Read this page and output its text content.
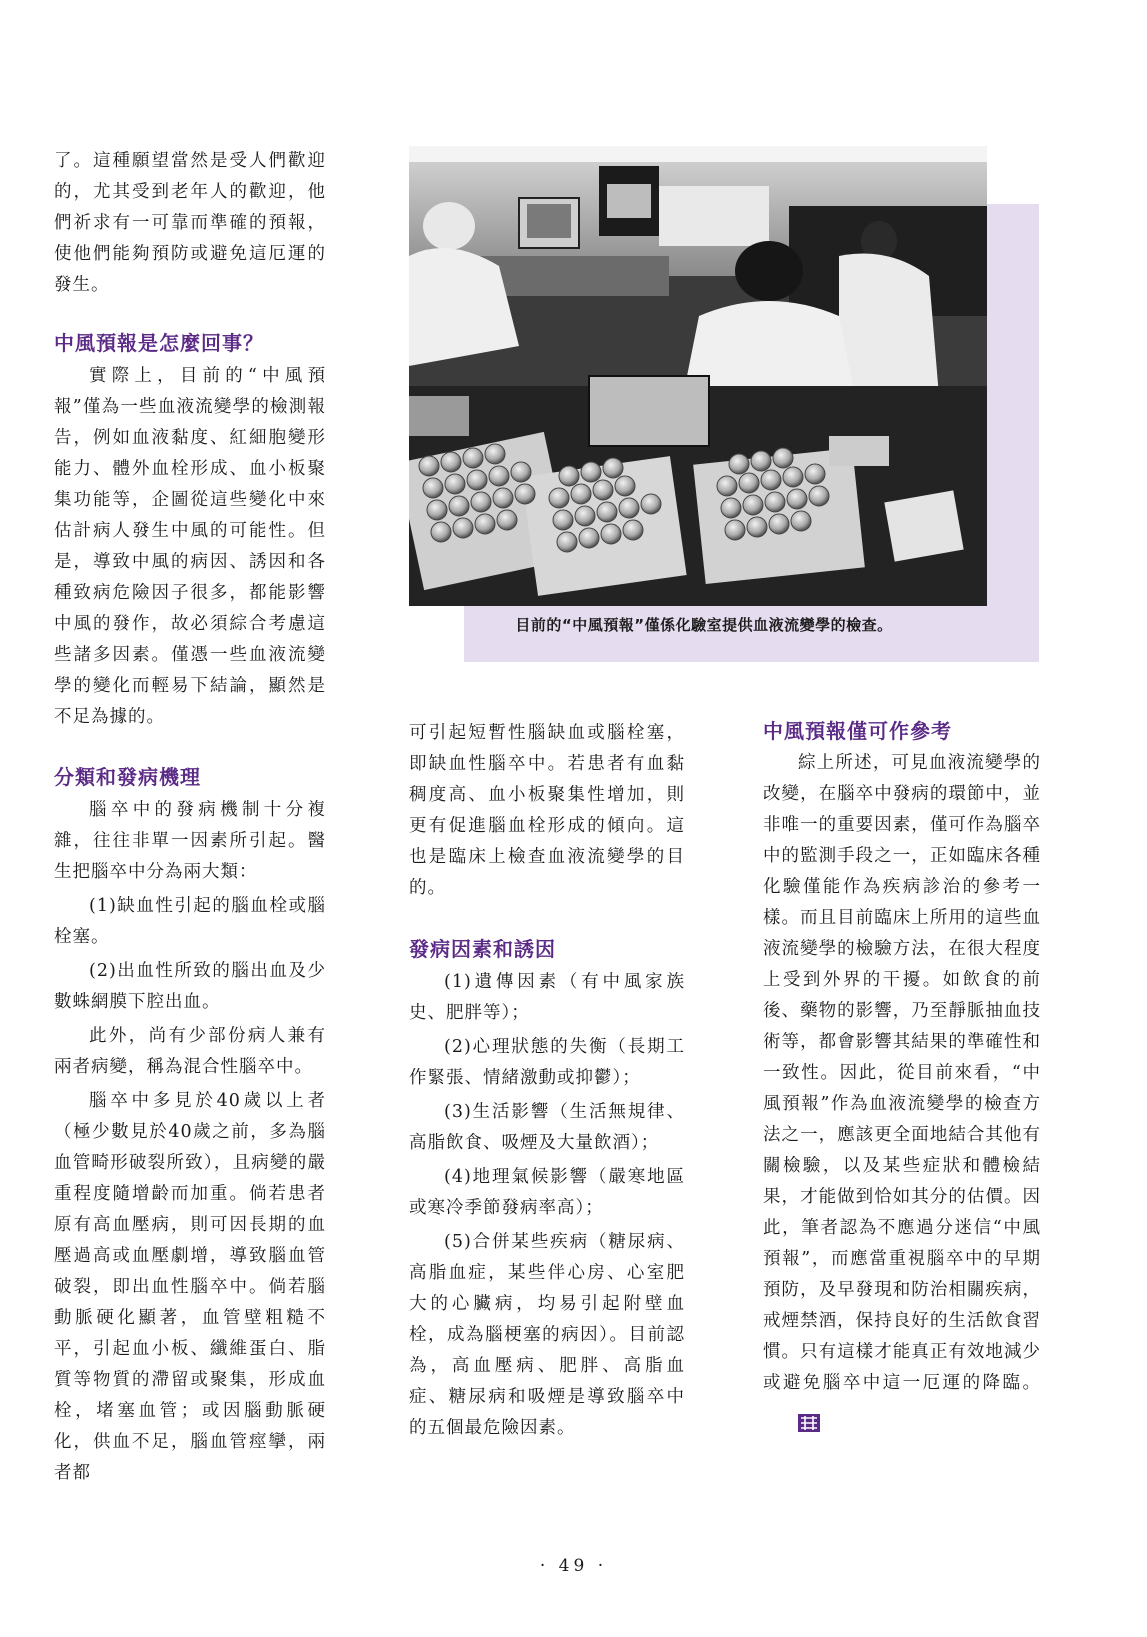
了。這種願望當然是受人們歡迎的，尤其受到老年人的歡迎，他們祈求有一可靠而準確的預報，使他們能夠預防或避免這厄運的發生。

中風預報是怎麼回事？

實際上，目前的“中風預報”僅為一些血液流變學的檢測報告，例如血液黏度、紅細胞變形能力、體外血栓形成、血小板聚集功能等，企圖從這些變化中來估計病人發生中風的可能性。但是，導致中風的病因、誘因和各種致病危險因子很多，都能影響中風的發作，故必須綜合考慮這些諸多因素。僅憑一些血液流變學的變化而輕易下結論，顯然是不足為據的。

分類和發病機理

腦卒中的發病機制十分複雜，往往非單一因素所引起。醫生把腦卒中分為兩大類：

(1)缺血性引起的腦血栓或腦栓塞。

(2)出血性所致的腦出血及少數蛛網膜下腔出血。

此外，尚有少部份病人兼有兩者病變，稱為混合性腦卒中。

腦卒中多見於40歲以上者（極少數見於40歲之前，多為腦血管畸形破裂所致），且病變的嚴重程度隨增齡而加重。倘若患者原有高血壓病，則可因長期的血壓過高或血壓劇增，導致腦血管破裂，即出血性腦卒中。倘若腦動脈硬化顯著，血管壁粗糙不平，引起血小板、纖維蛋白、脂質等物質的滯留或聚集，形成血栓，堵塞血管；或因腦動脈硬化，供血不足，腦血管痙攣，兩者都

目前的“中風預報”僅係化驗室提供血液流變學的檢查。

可引起短暫性腦缺血或腦栓塞，即缺血性腦卒中。若患者有血黏稠度高、血小板聚集性增加，則更有促進腦血栓形成的傾向。這也是臨床上檢查血液流變學的目的。

發病因素和誘因

(1)遺傳因素（有中風家族史、肥胖等）；

(2)心理狀態的失衡（長期工作緊張、情緒激動或抑鬱）；

(3)生活影響（生活無規律、高脂飲食、吸煙及大量飲酒）；

(4)地理氣候影響（嚴寒地區或寒冷季節發病率高）；

(5)合併某些疾病（糖尿病、高脂血症，某些伴心房、心室肥大的心臟病，均易引起附壁血栓，成為腦梗塞的病因）。目前認為，高血壓病、肥胖、高脂血症、糖尿病和吸煙是導致腦卒中的五個最危險因素。

中風預報僅可作參考

綜上所述，可見血液流變學的改變，在腦卒中發病的環節中，並非唯一的重要因素，僅可作為腦卒中的監測手段之一，正如臨床各種化驗僅能作為疾病診治的參考一樣。而且目前臨床上所用的這些血液流變學的檢驗方法，在很大程度上受到外界的干擾。如飲食的前後、藥物的影響，乃至靜脈抽血技術等，都會影響其結果的準確性和一致性。因此，從目前來看，“中風預報”作為血液流變學的檢查方法之一，應該更全面地結合其他有關檢驗，以及某些症狀和體檢結果，才能做到恰如其分的估價。因此，筆者認為不應過分迷信“中風預報”，而應當重視腦卒中的早期預防，及早發現和防治相關疾病，戒煙禁酒，保持良好的生活飲食習慣。只有這樣才能真正有效地減少或避免腦卒中這一厄運的降臨。

· 49 ·
